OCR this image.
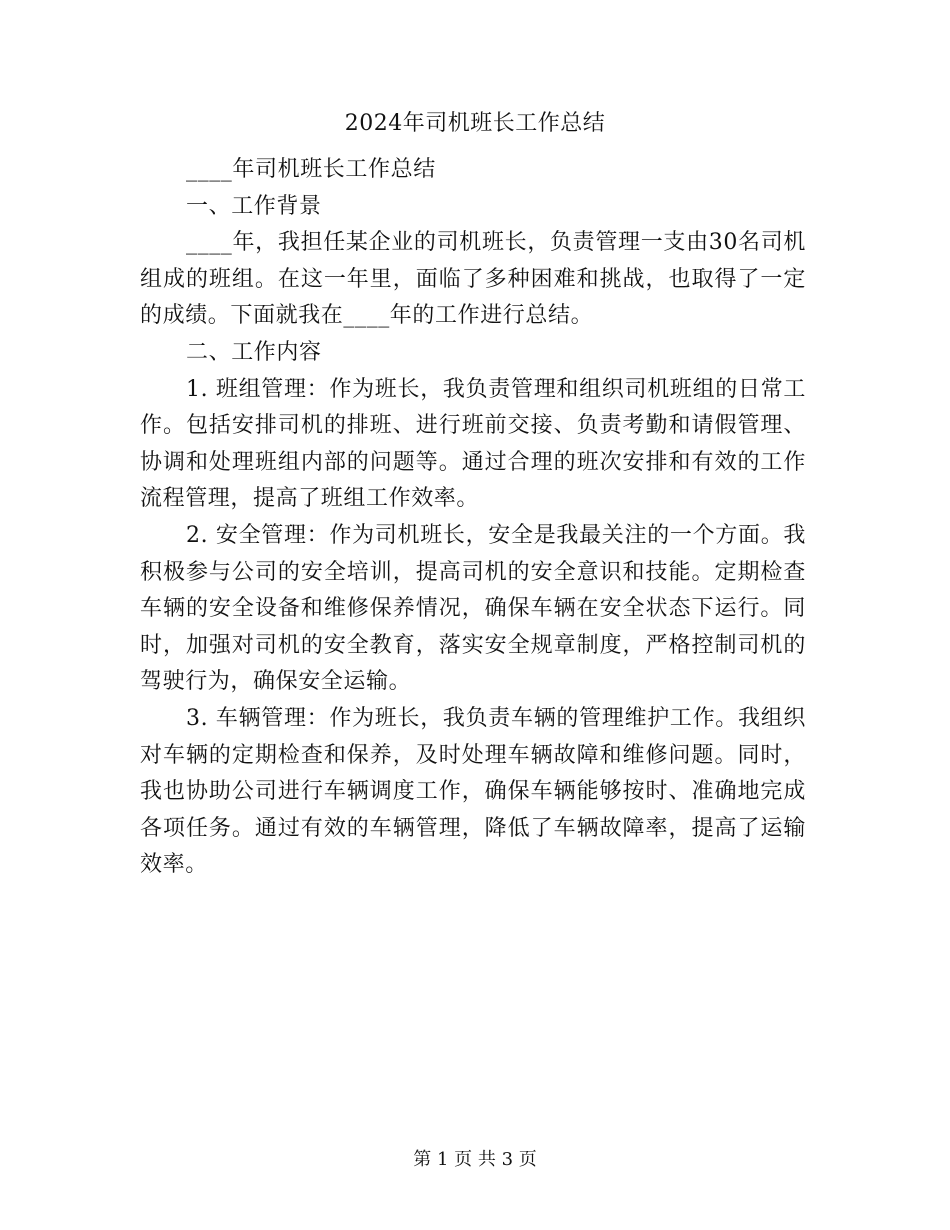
2024年司机班长工作总结

____年司机班长工作总结

一、工作背景

____年，我担任某企业的司机班长，负责管理一支由30名司机组成的班组。在这一年里，面临了多种困难和挑战，也取得了一定的成绩。下面就我在____年的工作进行总结。

二、工作内容

1. 班组管理：作为班长，我负责管理和组织司机班组的日常工作。包括安排司机的排班、进行班前交接、负责考勤和请假管理、协调和处理班组内部的问题等。通过合理的班次安排和有效的工作流程管理，提高了班组工作效率。

2. 安全管理：作为司机班长，安全是我最关注的一个方面。我积极参与公司的安全培训，提高司机的安全意识和技能。定期检查车辆的安全设备和维修保养情况，确保车辆在安全状态下运行。同时，加强对司机的安全教育，落实安全规章制度，严格控制司机的驾驶行为，确保安全运输。

3. 车辆管理：作为班长，我负责车辆的管理维护工作。我组织对车辆的定期检查和保养，及时处理车辆故障和维修问题。同时，我也协助公司进行车辆调度工作，确保车辆能够按时、准确地完成各项任务。通过有效的车辆管理，降低了车辆故障率，提高了运输效率。

第 1 页 共 3 页
